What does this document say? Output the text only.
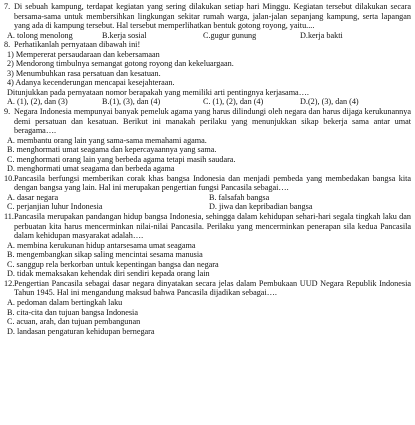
7. Di sebuah kampung, terdapat kegiatan yang sering dilakukan setiap hari Minggu. Kegiatan tersebut dilakukan secara bersama-sama untuk membersihkan lingkungan sekitar rumah warga, jalan-jalan sepanjang kampung, serta lapangan yang ada di kampung tersebut. Hal tersebut memperlihatkan bentuk gotong royong, yaitu....
A. tolong menolong	B.kerja sosial	C.gugur gunung	D.kerja bakti
8. Perhatikanlah pernyataan dibawah ini!
1) Mempererat persaudaraan dan kebersamaan
2) Mendorong timbulnya semangat gotong royong dan kekeluargaan.
3) Menumbuhkan rasa persatuan dan kesatuan.
4) Adanya kecenderungan mencapai kesejahteraan.
Ditunjukkan pada pernyataan nomor berapakah yang memiliki arti pentingnya kerjasama….
A. (1), (2), dan (3)	B.(1), (3), dan (4)	C. (1), (2), dan (4)	D.(2), (3), dan (4)
9. Negara Indonesia mempunyai banyak pemeluk agama yang harus dilindungi oleh negara dan harus dijaga kerukunannya demi persatuan dan kesatuan. Berikut ini manakah perilaku yang menunjukkan sikap bekerja sama antar umat beragama….
A. membantu orang lain yang sama-sama memahami agama.
B. menghormati umat seagama dan kepercayaannya yang sama.
C. menghormati orang lain yang berbeda agama tetapi masih saudara.
D. menghormati umat seagama dan berbeda agama
10. Pancasila berfungsi memberikan corak khas bangsa Indonesia dan menjadi pembeda yang membedakan bangsa kita dengan bangsa yang lain. Hal ini merupakan pengertian fungsi Pancasila sebagai….
A. dasar negara	B. falsafah bangsa
C. perjanjian luhur Indonesia	D. jiwa dan kepribadian bangsa
11. Pancasila merupakan pandangan hidup bangsa Indonesia, sehingga dalam kehidupan sehari-hari segala tingkah laku dan perbuatan kita harus mencerminkan nilai-nilai Pancasila. Perilaku yang mencerminkan penerapan sila kedua Pancasila dalam kehidupan masyarakat adalah….
A. membina kerukunan hidup antarsesama umat seagama
B. mengembangkan sikap saling mencintai sesama manusia
C. sanggup rela berkorban untuk kepentingan bangsa dan negara
D. tidak memaksakan kehendak diri sendiri kepada orang lain
12. Pengertian Pancasila sebagai dasar negara dinyatakan secara jelas dalam Pembukaan UUD Negara Republik Indonesia Tahun 1945. Hal ini mengandung maksud bahwa Pancasila dijadikan sebagai….
A. pedoman dalam bertingkah laku
B. cita-cita dan tujuan bangsa Indonesia
C. acuan, arah, dan tujuan pembangunan
D. landasan pengaturan kehidupan bernegara
